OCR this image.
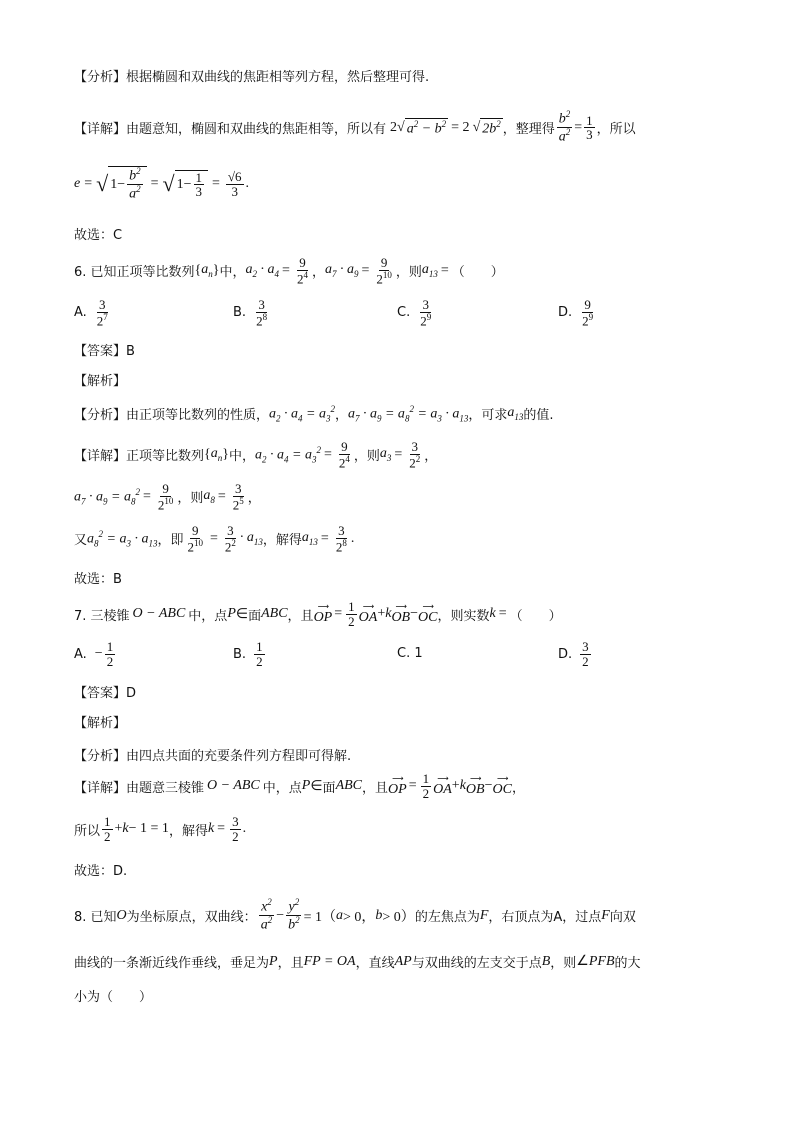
【分析】根据椭圆和双曲线的焦距相等列方程，然后整理可得.
【详解】由题意知，椭圆和双曲线的焦距相等，所以有 2 √ $a^2 - b^2 = 2$ √ $2b^2$ ，整理得 $\frac{b^2}{a^2} = \frac{1}{3}$ ，所以
e = √ $1- \frac{b^2}{a^2}$ = √ $1- \frac{1}{3} = \frac{√6}{3}$ .
故选：C
6. 已知正项等比数列 { $a_n$ } 中， $a_2 \cdot a_4 = \frac{9}{2^4}$ ， $a_7 \cdot a_9 = \frac{9}{2^{10}}$ ，则 $a_{13}$ = （　　）
A. $\frac{3}{2^7}$	B. $\frac{3}{2^8}$	C. $\frac{3}{2^9}$	D. $\frac{9}{2^9}$
【答案】B
【解析】
【分析】由正项等比数列的性质， $a_2 \cdot a_4 = a_3^2$ ， $a_7 \cdot a_9 = a_8^2 = a_3 \cdot a_{13}$ ，可求 $a_{13}$ 的值.
【详解】正项等比数列 { $a_n$ } 中， $a_2 \cdot a_4 = a_3^2 = \frac{9}{2^4}$ ，则 $a_3 = \frac{3}{2^2}$ ，
$a_7 \cdot a_9 = a_8^2 = \frac{9}{2^{10}}$ ，则 $a_8 = \frac{3}{2^5}$ ，
又 $a_8^2 = a_3 \cdot a_{13}$ ，即 $\frac{9}{2^{10}} = \frac{3}{2^2} \cdot a_{13}$ ，解得 $a_{13} = \frac{3}{2^8}$ .
故选：B
7. 三棱锥 O − ABC 中，点 P ∈ 面 ABC ，且
⟶
OP = $\frac{1}{2}$ ⟶
OA + k ⟶
OB − ⟶
OC ，则实数 k = （　　）
A. − $\frac{1}{2}$	B. $\frac{1}{2}$	C. 1	D. $\frac{3}{2}$
【答案】D
【解析】
【分析】由四点共面的充要条件列方程即可得解.
【详解】由题意三棱锥 O − ABC 中，点 P ∈ 面 ABC ，且
⟶
OP = $\frac{1}{2}$ ⟶
OA + k ⟶
OB − ⟶
OC ，
所以 $\frac{1}{2} + k - 1 = 1$ ，解得 $k = \frac{3}{2}$ .
故选：D.
8. 已知 O 为坐标原点，双曲线： $\frac{x^2}{a^2} - \frac{y^2}{b^2} = 1$（ a > 0， b > 0） 的左焦点为 F ，右顶点为A，过点 F 向双
曲线的一条渐近线作垂线，垂足为 P ，且 FP = OA ，直线 AP 与双曲线的左支交于点 B ，则 ∠ PFB 的大
小为（　　）
